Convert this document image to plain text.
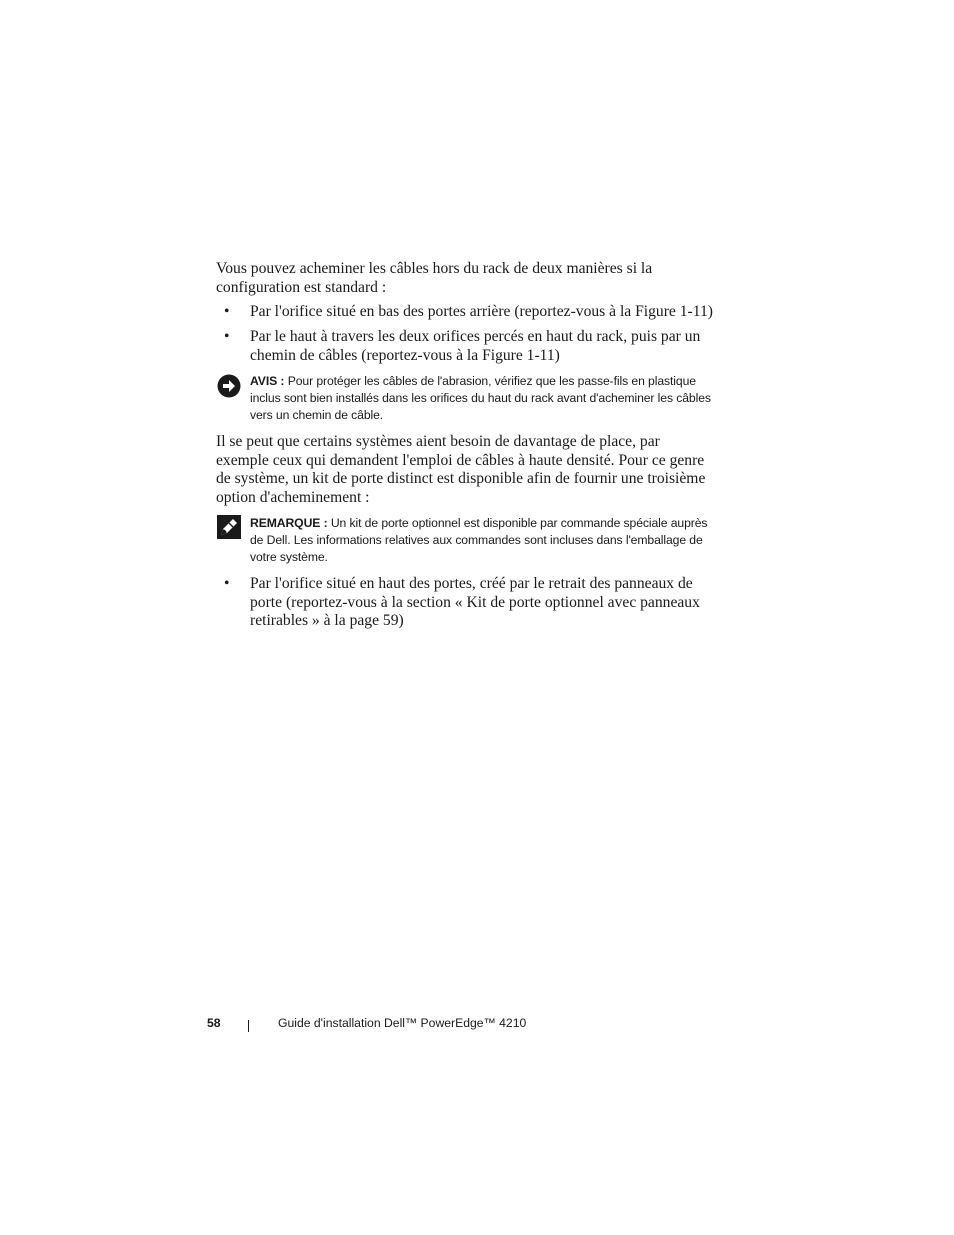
Vous pouvez acheminer les câbles hors du rack de deux manières si la configuration est standard :

• Par l'orifice situé en bas des portes arrière (reportez-vous à la Figure 1-11)
• Par le haut à travers les deux orifices percés en haut du rack, puis par un chemin de câbles (reportez-vous à la Figure 1-11)
AVIS : Pour protéger les câbles de l'abrasion, vérifiez que les passe-fils en plastique inclus sont bien installés dans les orifices du haut du rack avant d'acheminer les câbles vers un chemin de câble.

Il se peut que certains systèmes aient besoin de davantage de place, par exemple ceux qui demandent l'emploi de câbles à haute densité. Pour ce genre de système, un kit de porte distinct est disponible afin de fournir une troisième option d'acheminement :

REMARQUE : Un kit de porte optionnel est disponible par commande spéciale auprès de Dell. Les informations relatives aux commandes sont incluses dans l'emballage de votre système.
• Par l'orifice situé en haut des portes, créé par le retrait des panneaux de porte (reportez-vous à la section « Kit de porte optionnel avec panneaux retirables » à la page 59)
58	Guide d'installation Dell™ PowerEdge™ 4210
